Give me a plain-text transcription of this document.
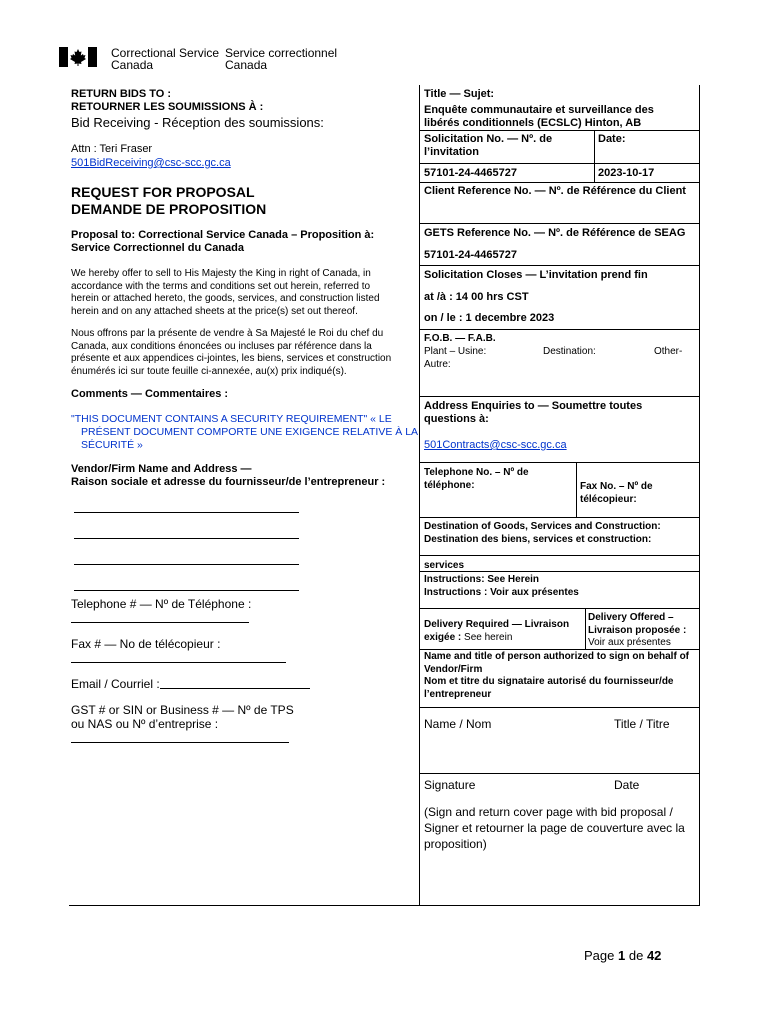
Correctional Service
Canada
Service correctionnel
Canada
RETURN BIDS TO :
RETOURNER LES SOUMISSIONS À :
Bid Receiving - Réception des soumissions:
Attn : Teri Fraser
501BidReceiving@csc-scc.gc.ca
REQUEST FOR PROPOSAL
DEMANDE DE PROPOSITION
Proposal to: Correctional Service Canada – Proposition à:
Service Correctionnel du Canada
We hereby offer to sell to His Majesty the King in right of Canada, in
accordance with the terms and conditions set out herein, referred to
herein or attached hereto, the goods, services, and construction listed
herein and on any attached sheets at the price(s) set out thereof.
Nous offrons par la présente de vendre à Sa Majesté le Roi du chef du
Canada, aux conditions énoncées ou incluses par référence dans la
présente et aux appendices ci-jointes, les biens, services et construction
énumérés ici sur toute feuille ci-annexée, au(x) prix indiqué(s).
Comments — Commentaires :
"THIS DOCUMENT CONTAINS A SECURITY REQUIREMENT" « LE
PRÉSENT DOCUMENT COMPORTE UNE EXIGENCE RELATIVE À LA
SÉCURITÉ »
Vendor/Firm Name and Address —
Raison sociale et adresse du fournisseur/de l’entrepreneur :
Telephone # — Nº de Téléphone :
Fax # — No de télécopieur :
Email / Courriel :
GST # or SIN or Business # — Nº de TPS
ou NAS ou Nº d’entreprise :
Title — Sujet:
Enquête communautaire et surveillance des
libérés conditionnels (ECSLC) Hinton, AB
Solicitation No. — Nº. de
l’invitation
Date:
57101-24-4465727	2023-10-17
Client Reference No. — Nº. de Référence du Client
GETS Reference No. — Nº. de Référence de SEAG
57101-24-4465727
Solicitation Closes — L’invitation prend fin
at /à : 14 00 hrs CST
on / le : 1 decembre 2023
F.O.B. — F.A.B.
Plant – Usine:	Destination:	Other-
Autre:
Address Enquiries to — Soumettre toutes
questions à:
501Contracts@csc-scc.gc.ca
Telephone No. – Nº de
téléphone:	Fax No. – Nº de
télécopieur:
Destination of Goods, Services and Construction:
Destination des biens, services et construction:
services
Instructions: See Herein
Instructions : Voir aux présentes
Delivery Required — Livraison
exigée : See herein
Delivery Offered –
Livraison proposée :
Voir aux présentes
Name and title of person authorized to sign on behalf of
Vendor/Firm
Nom et titre du signataire autorisé du fournisseur/de
l’entrepreneur
Name / Nom	Title / Titre
Signature	Date
(Sign and return cover page with bid proposal /
Signer et retourner la page de couverture avec la
proposition)
Page 1 de 42
